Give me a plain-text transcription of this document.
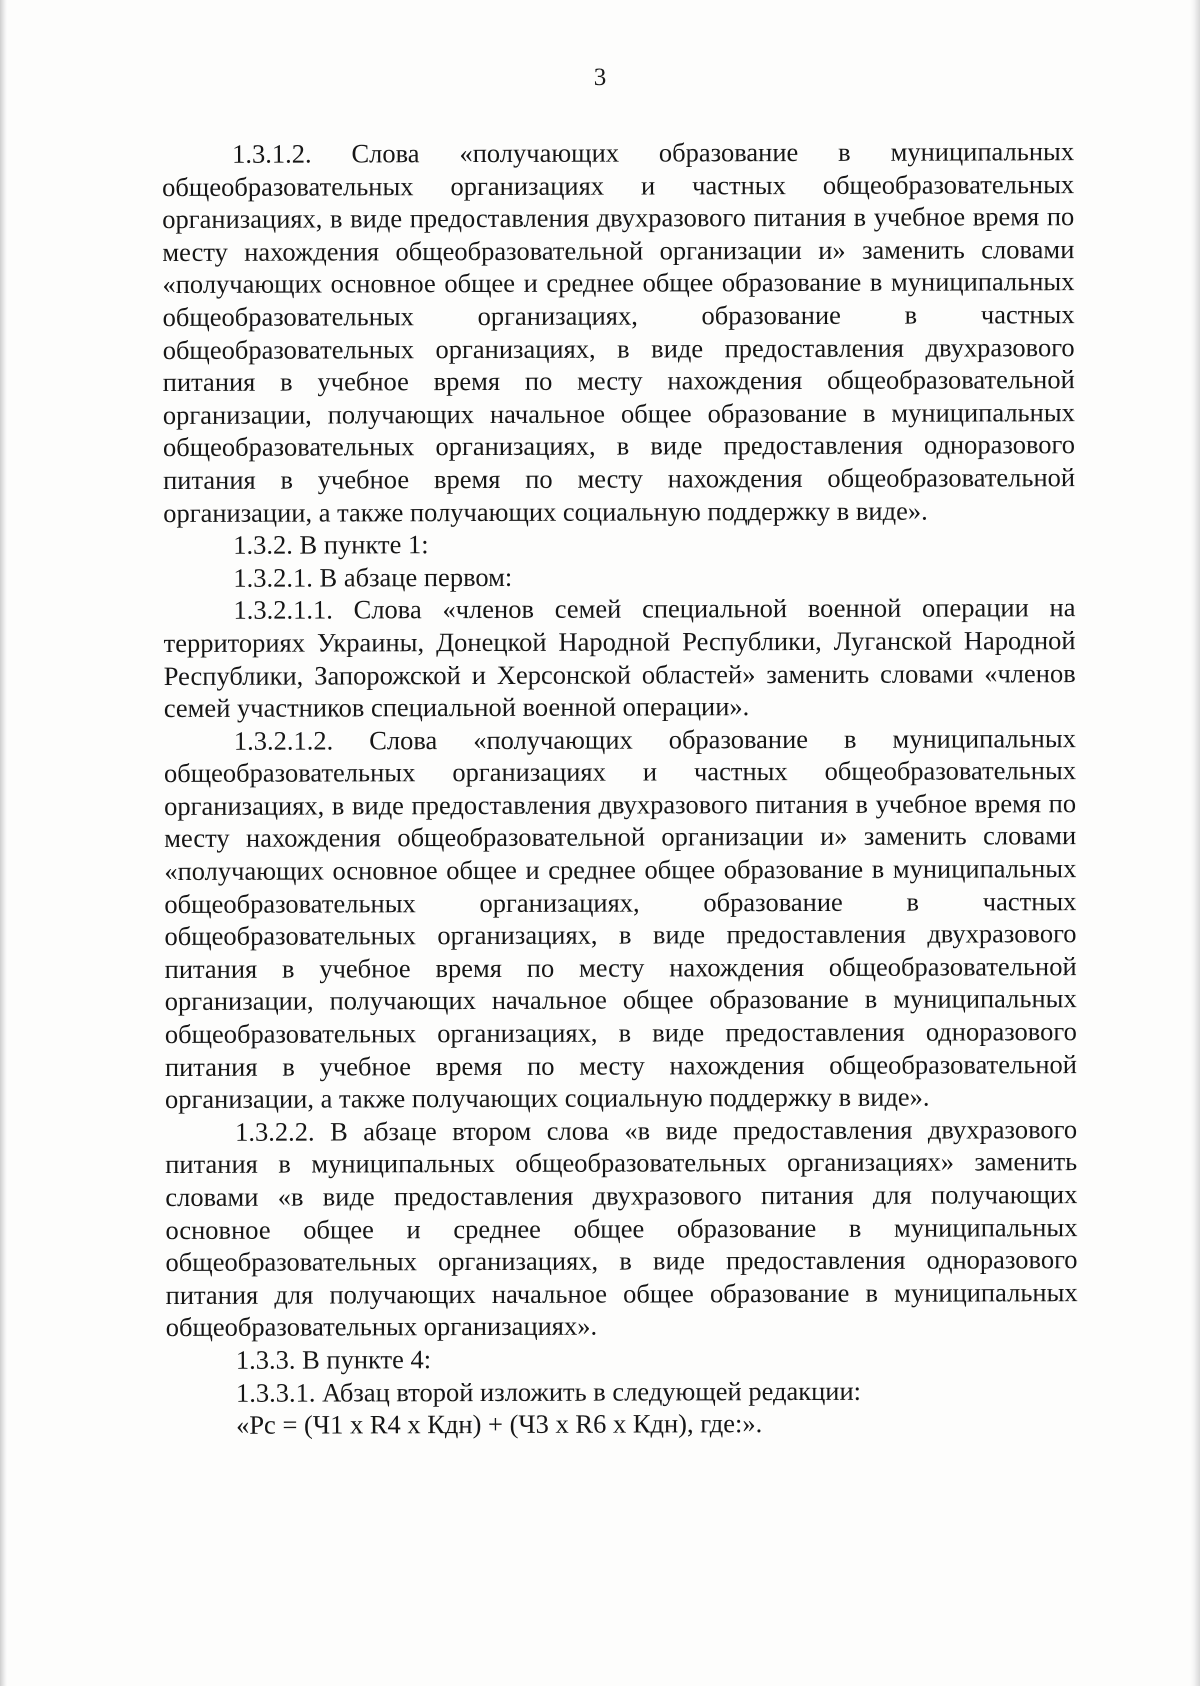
3

1.3.1.2. Слова «получающих образование в муниципальных общеобразовательных организациях и частных общеобразовательных организациях, в виде предоставления двухразового питания в учебное время по месту нахождения общеобразовательной организации и» заменить словами «получающих основное общее и среднее общее образование в муниципальных общеобразовательных организациях, образование в частных общеобразовательных организациях, в виде предоставления двухразового питания в учебное время по месту нахождения общеобразовательной организации, получающих начальное общее образование в муниципальных общеобразовательных организациях, в виде предоставления одноразового питания в учебное время по месту нахождения общеобразовательной организации, а также получающих социальную поддержку в виде».

1.3.2. В пункте 1:

1.3.2.1. В абзаце первом:

1.3.2.1.1. Слова «членов семей специальной военной операции на территориях Украины, Донецкой Народной Республики, Луганской Народной Республики, Запорожской и Херсонской областей» заменить словами «членов семей участников специальной военной операции».

1.3.2.1.2. Слова «получающих образование в муниципальных общеобразовательных организациях и частных общеобразовательных организациях, в виде предоставления двухразового питания в учебное время по месту нахождения общеобразовательной организации и» заменить словами «получающих основное общее и среднее общее образование в муниципальных общеобразовательных организациях, образование в частных общеобразовательных организациях, в виде предоставления двухразового питания в учебное время по месту нахождения общеобразовательной организации, получающих начальное общее образование в муниципальных общеобразовательных организациях, в виде предоставления одноразового питания в учебное время по месту нахождения общеобразовательной организации, а также получающих социальную поддержку в виде».

1.3.2.2. В абзаце втором слова «в виде предоставления двухразового питания в муниципальных общеобразовательных организациях» заменить словами «в виде предоставления двухразового питания для получающих основное общее и среднее общее образование в муниципальных общеобразовательных организациях, в виде предоставления одноразового питания для получающих начальное общее образование в муниципальных общеобразовательных организациях».

1.3.3. В пункте 4:

1.3.3.1. Абзац второй изложить в следующей редакции:

«Рс = (Ч1 х R4 х Кдн) + (Ч3 х R6 х Кдн), где:».
